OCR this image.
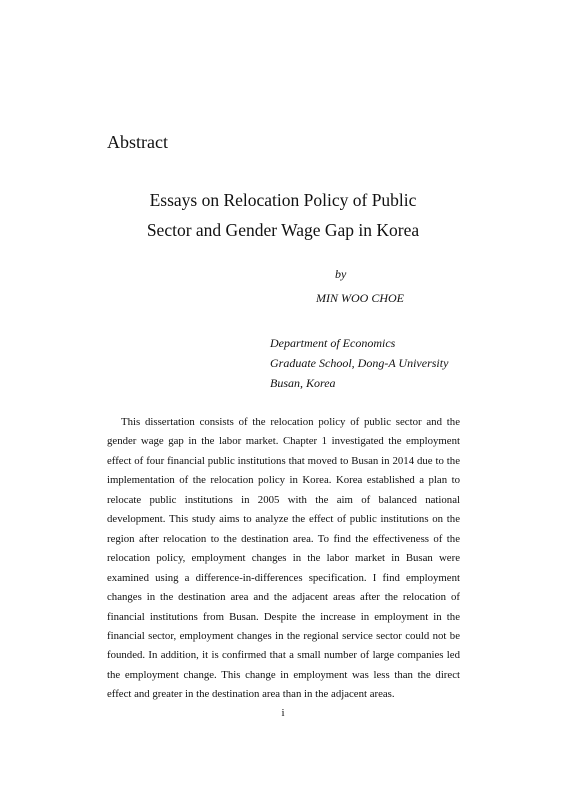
Abstract
Essays on Relocation Policy of Public
Sector and Gender Wage Gap in Korea
by
MIN WOO CHOE
Department of Economics
Graduate School, Dong-A University
Busan, Korea

This dissertation consists of the relocation policy of public sector and the gender wage gap in the labor market. Chapter 1 investigated the employment effect of four financial public institutions that moved to Busan in 2014 due to the implementation of the relocation policy in Korea. Korea established a plan to relocate public institutions in 2005 with the aim of balanced national development. This study aims to analyze the effect of public institutions on the region after relocation to the destination area. To find the effectiveness of the relocation policy, employment changes in the labor market in Busan were examined using a difference-in-differences specification. I find employment changes in the destination area and the adjacent areas after the relocation of financial institutions from Busan. Despite the increase in employment in the financial sector, employment changes in the regional service sector could not be founded. In addition, it is confirmed that a small number of large companies led the employment change. This change in employment was less than the direct effect and greater in the destination area than in the adjacent areas.

i
